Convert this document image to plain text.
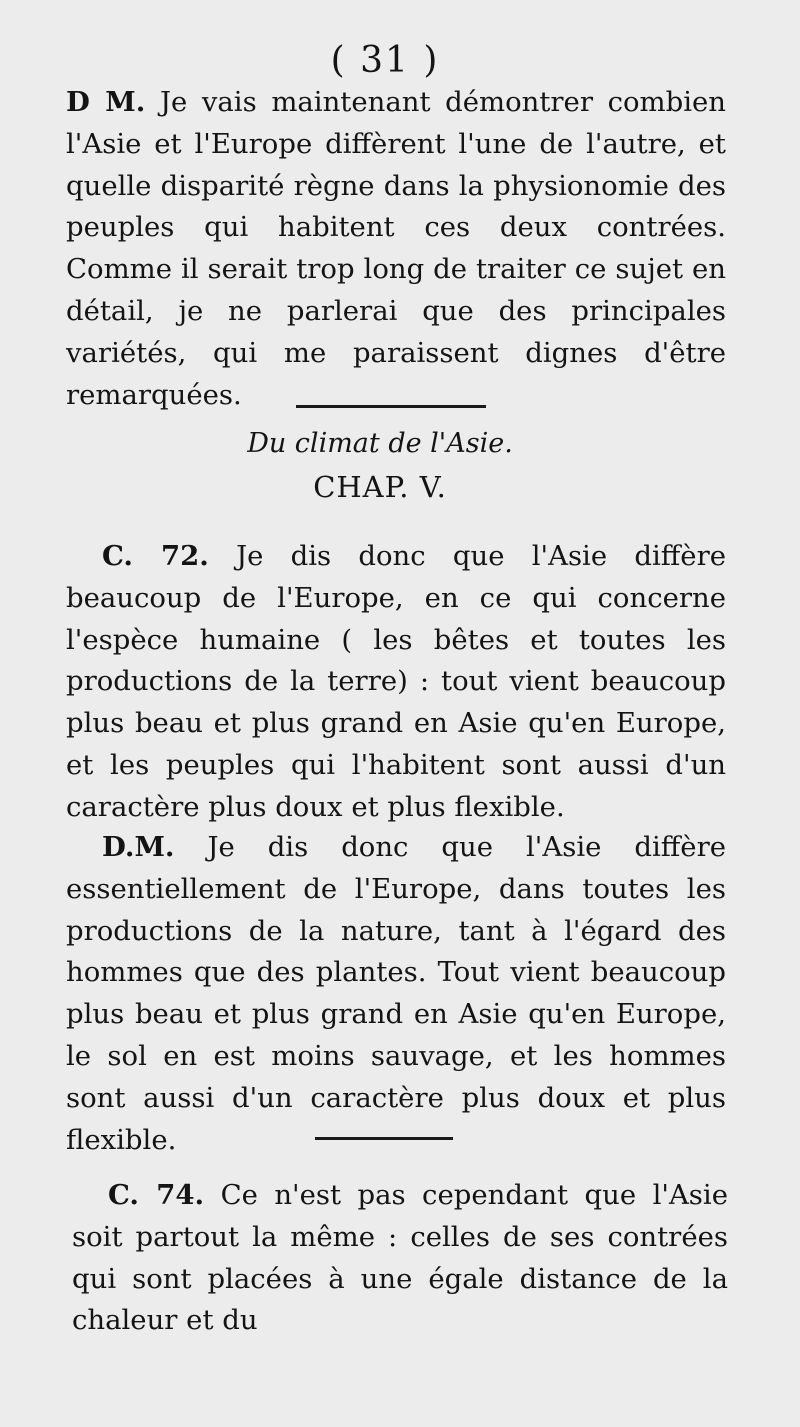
( 31 )

D M. Je vais maintenant démontrer combien l'Asie et l'Europe diffèrent l'une de l'autre, et quelle disparité règne dans la physionomie des peuples qui habitent ces deux contrées. Comme il serait trop long de traiter ce sujet en détail, je ne parlerai que des principales variétés, qui me paraissent dignes d'être remarquées.

Du climat de l'Asie.
CHAP. V.

C. 72. Je dis donc que l'Asie diffère beaucoup de l'Europe, en ce qui concerne l'espèce humaine ( les bêtes et toutes les productions de la terre) : tout vient beaucoup plus beau et plus grand en Asie qu'en Europe, et les peuples qui l'habitent sont aussi d'un caractère plus doux et plus flexible.

D.M. Je dis donc que l'Asie diffère essentiellement de l'Europe, dans toutes les productions de la nature, tant à l'égard des hommes que des plantes. Tout vient beaucoup plus beau et plus grand en Asie qu'en Europe, le sol en est moins sauvage, et les hommes sont aussi d'un caractère plus doux et plus flexible.

C. 74. Ce n'est pas cependant que l'Asie soit partout la même : celles de ses contrées qui sont placées à une égale distance de la chaleur et du
